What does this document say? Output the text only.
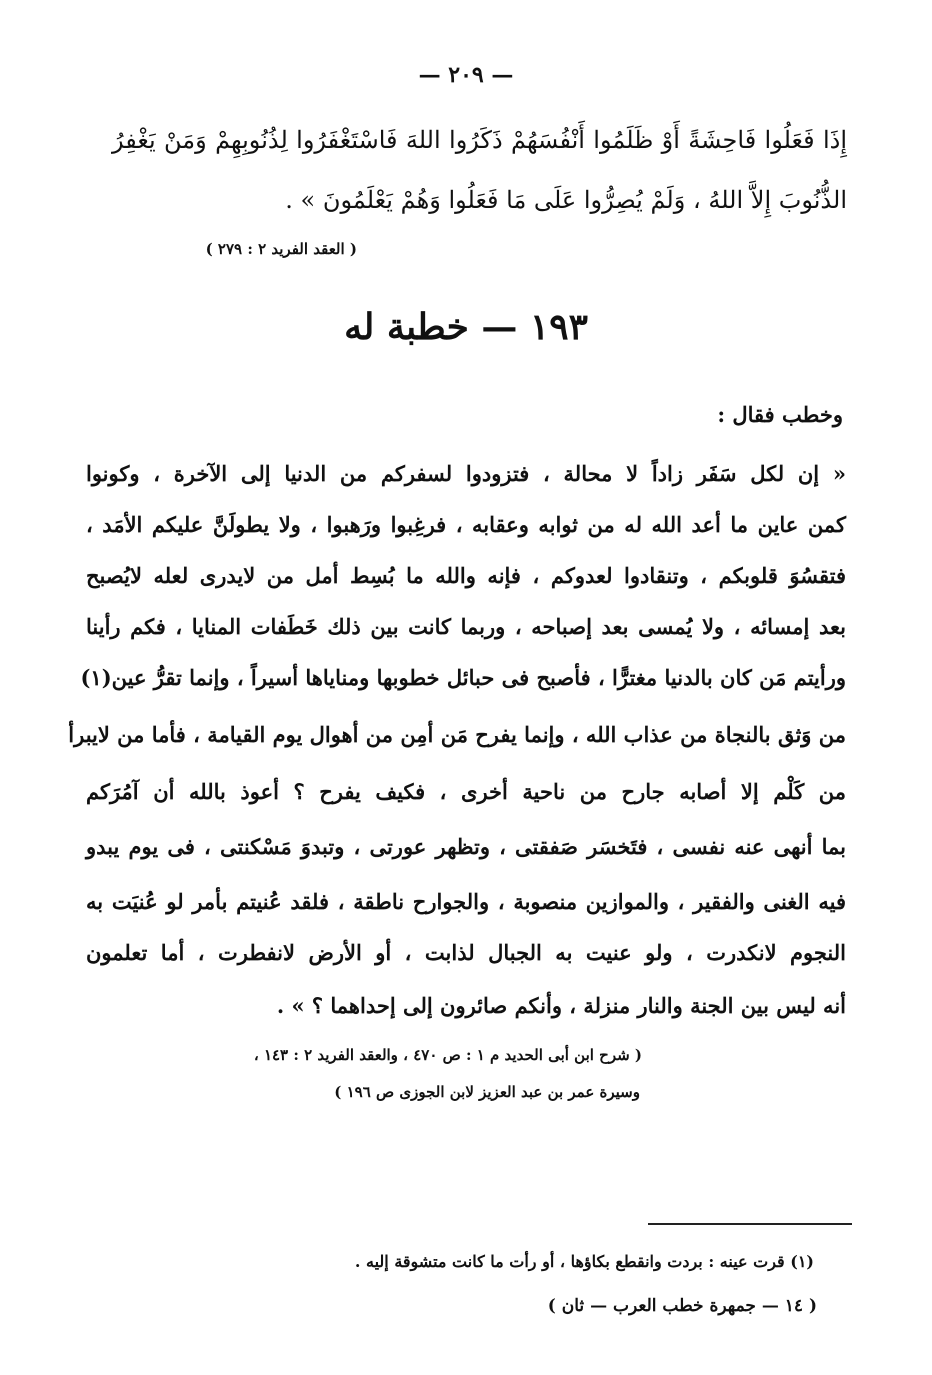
— ٢٠٩ —
إِذَا فَعَلُوا فَاحِشَةً أَوْ ظَلَمُوا أَنْفُسَهُمْ ذَكَرُوا اللهَ فَاسْتَغْفَرُوا لِذُنُوبِهِمْ وَمَنْ يَغْفِرُ
الذُّنُوبَ إِلاَّ اللهُ ، وَلَمْ يُصِرُّوا عَلَى مَا فَعَلُوا وَهُمْ يَعْلَمُونَ » .
( العقد الفريد ٢ : ٢٧٩ )
١٩٣ — خطبة له
وخطب فقال :
« إن لكل سَفَر زاداً لا محالة ، فتزودوا لسفركم من الدنيا إلى الآخرة ، وكونوا
كمن عاين ما أعد الله له من ثوابه وعقابه ، فرغِبوا ورَهبوا ، ولا يطولَنَّ عليكم الأمَد ،
فتقسُوَ قلوبكم ، وتنقادوا لعدوكم ، فإنه والله ما بُسِط أمل من لايدرى لعله لايُصبح
بعد إمسائه ، ولا يُمسى بعد إصباحه ، وربما كانت بين ذلك خَطَفات المنايا ، فكم رأينا
ورأيتم مَن كان بالدنيا مغترًّا ، فأصبح فى حبائل خطوبها ومناياها أسيراً ، وإنما تقرُّ عين(١)
من وَثق بالنجاة من عذاب الله ، وإنما يفرح مَن أمِن من أهوال يوم القيامة ، فأما من لايبرأ
من كَلْم إلا أصابه جارح من ناحية أخرى ، فكيف يفرح ؟ أعوذ بالله أن آمُرَكم
بما أنهى عنه نفسى ، فتَخسَر صَفقتى ، وتظهر عورتى ، وتبدوَ مَسْكنتى ، فى يوم يبدو
فيه الغنى والفقير ، والموازين منصوبة ، والجوارح ناطقة ، فلقد عُنيتم بأمر لو عُنيَت به
النجوم لانكدرت ، ولو عنيت به الجبال لذابت ، أو الأرض لانفطرت ، أما تعلمون
أنه ليس بين الجنة والنار منزلة ، وأنكم صائرون إلى إحداهما ؟ » .
( شرح ابن أبى الحديد م ١ : ص ٤٧٠ ، والعقد الفريد ٢ : ١٤٣ ،
وسيرة عمر بن عبد العزيز لابن الجوزى ص ١٩٦ )
(١) قرت عينه : بردت وانقطع بكاؤها ، أو رأت ما كانت متشوقة إليه .
( ١٤ — جمهرة خطب العرب — ثان )
